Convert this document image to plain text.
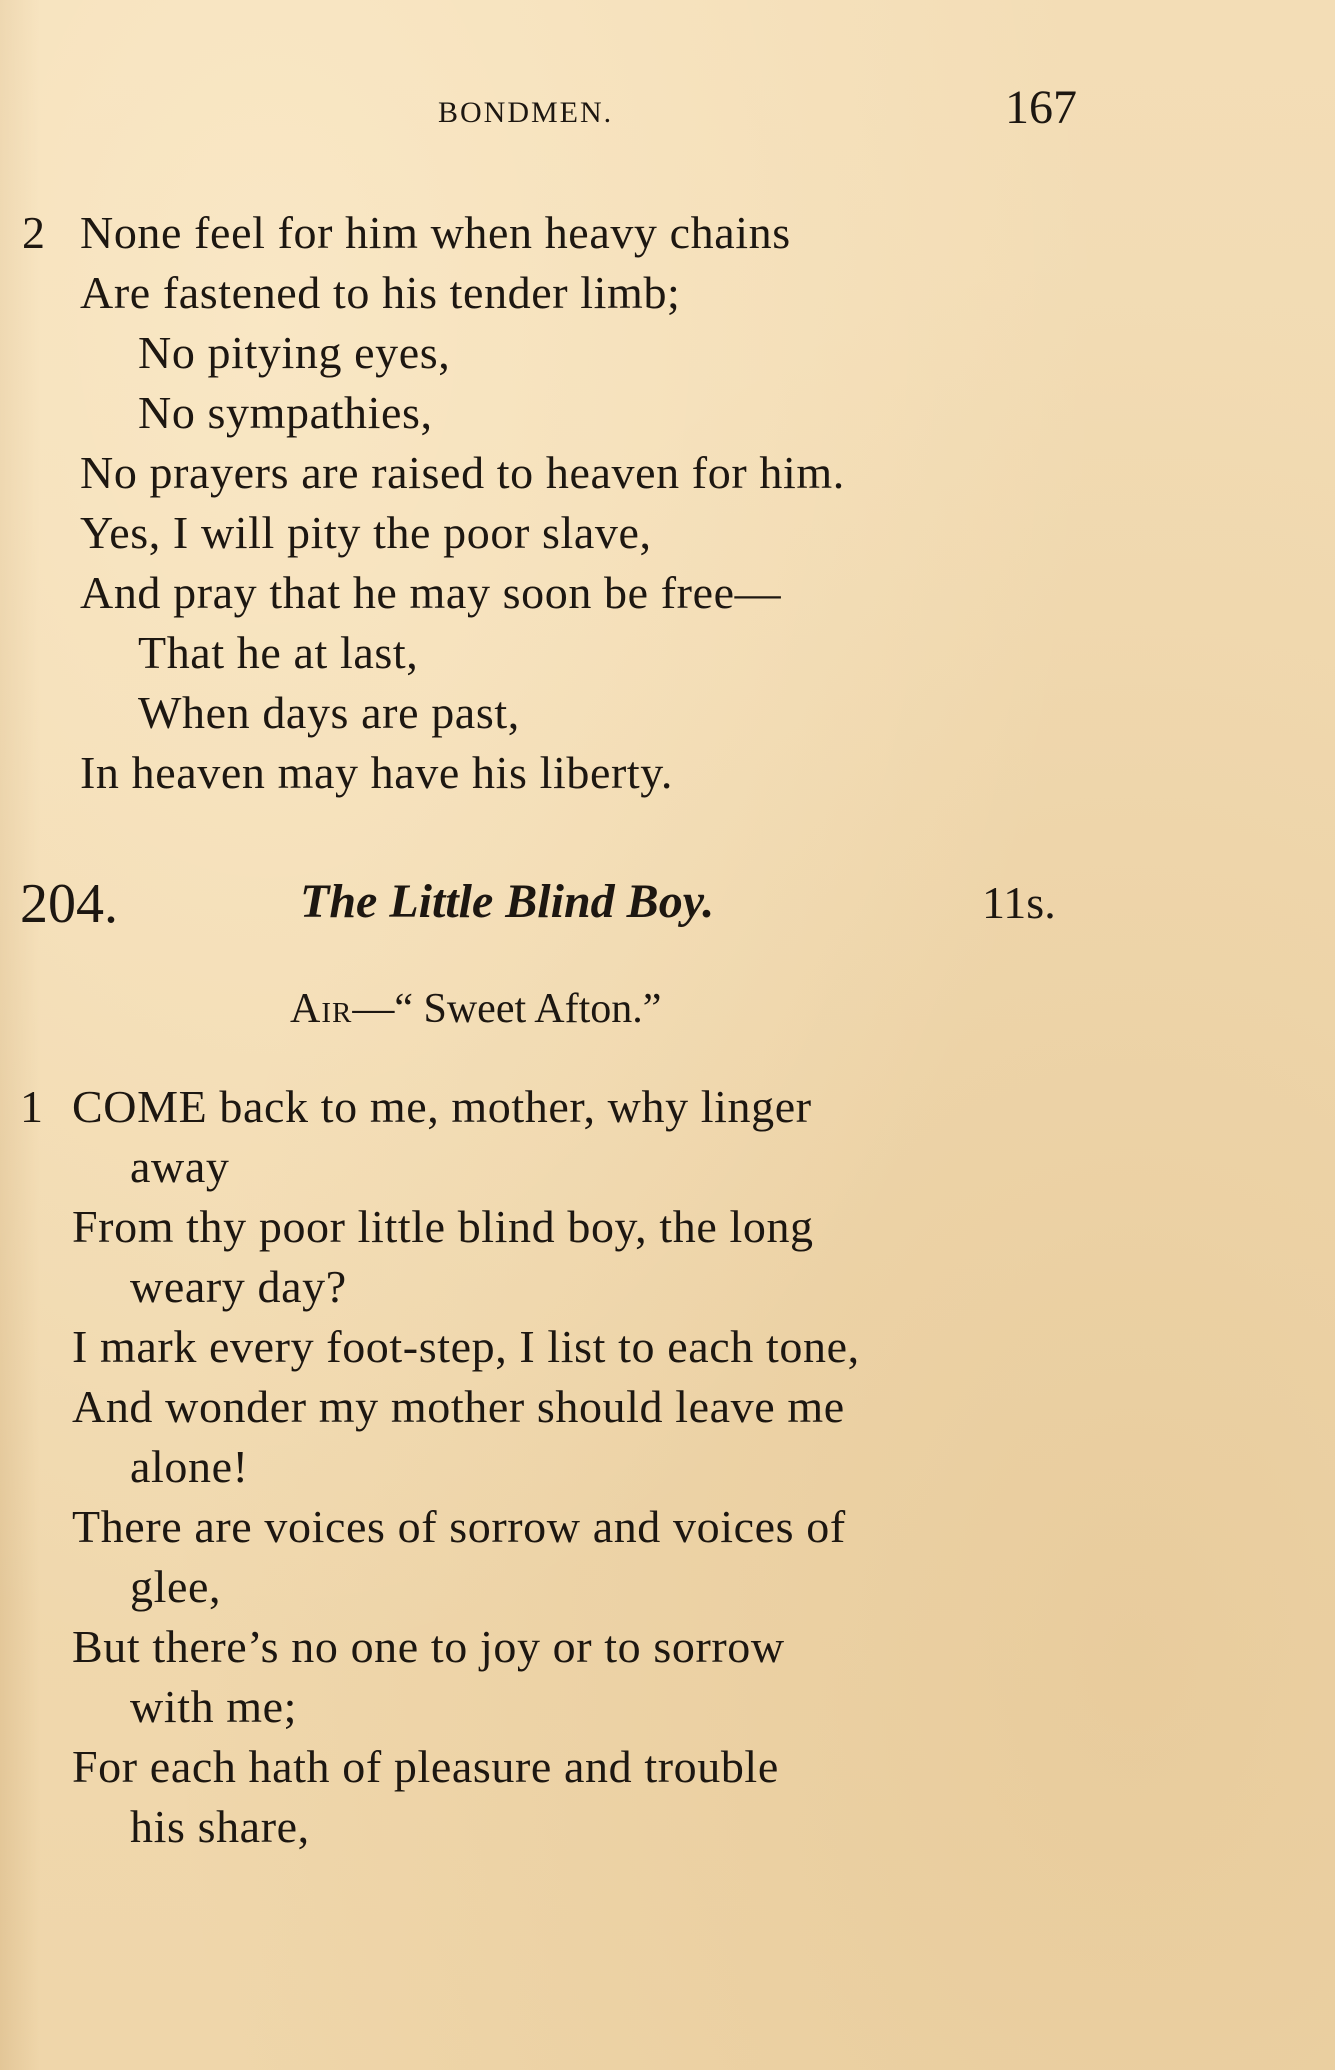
BONDMEN.	167
2 None feel for him when heavy chains
Are fastened to his tender limb;
No pitying eyes,
No sympathies,
No prayers are raised to heaven for him.
Yes, I will pity the poor slave,
And pray that he may soon be free—
That he at last,
When days are past,
In heaven may have his liberty.
204.	The Little Blind Boy.	11s.
Air—“ Sweet Afton.”
1 COME back to me, mother, why linger
away
From thy poor little blind boy, the long
weary day?
I mark every foot-step, I list to each tone,
And wonder my mother should leave me
alone!
There are voices of sorrow and voices of
glee,
But there’s no one to joy or to sorrow
with me;
For each hath of pleasure and trouble
his share,
